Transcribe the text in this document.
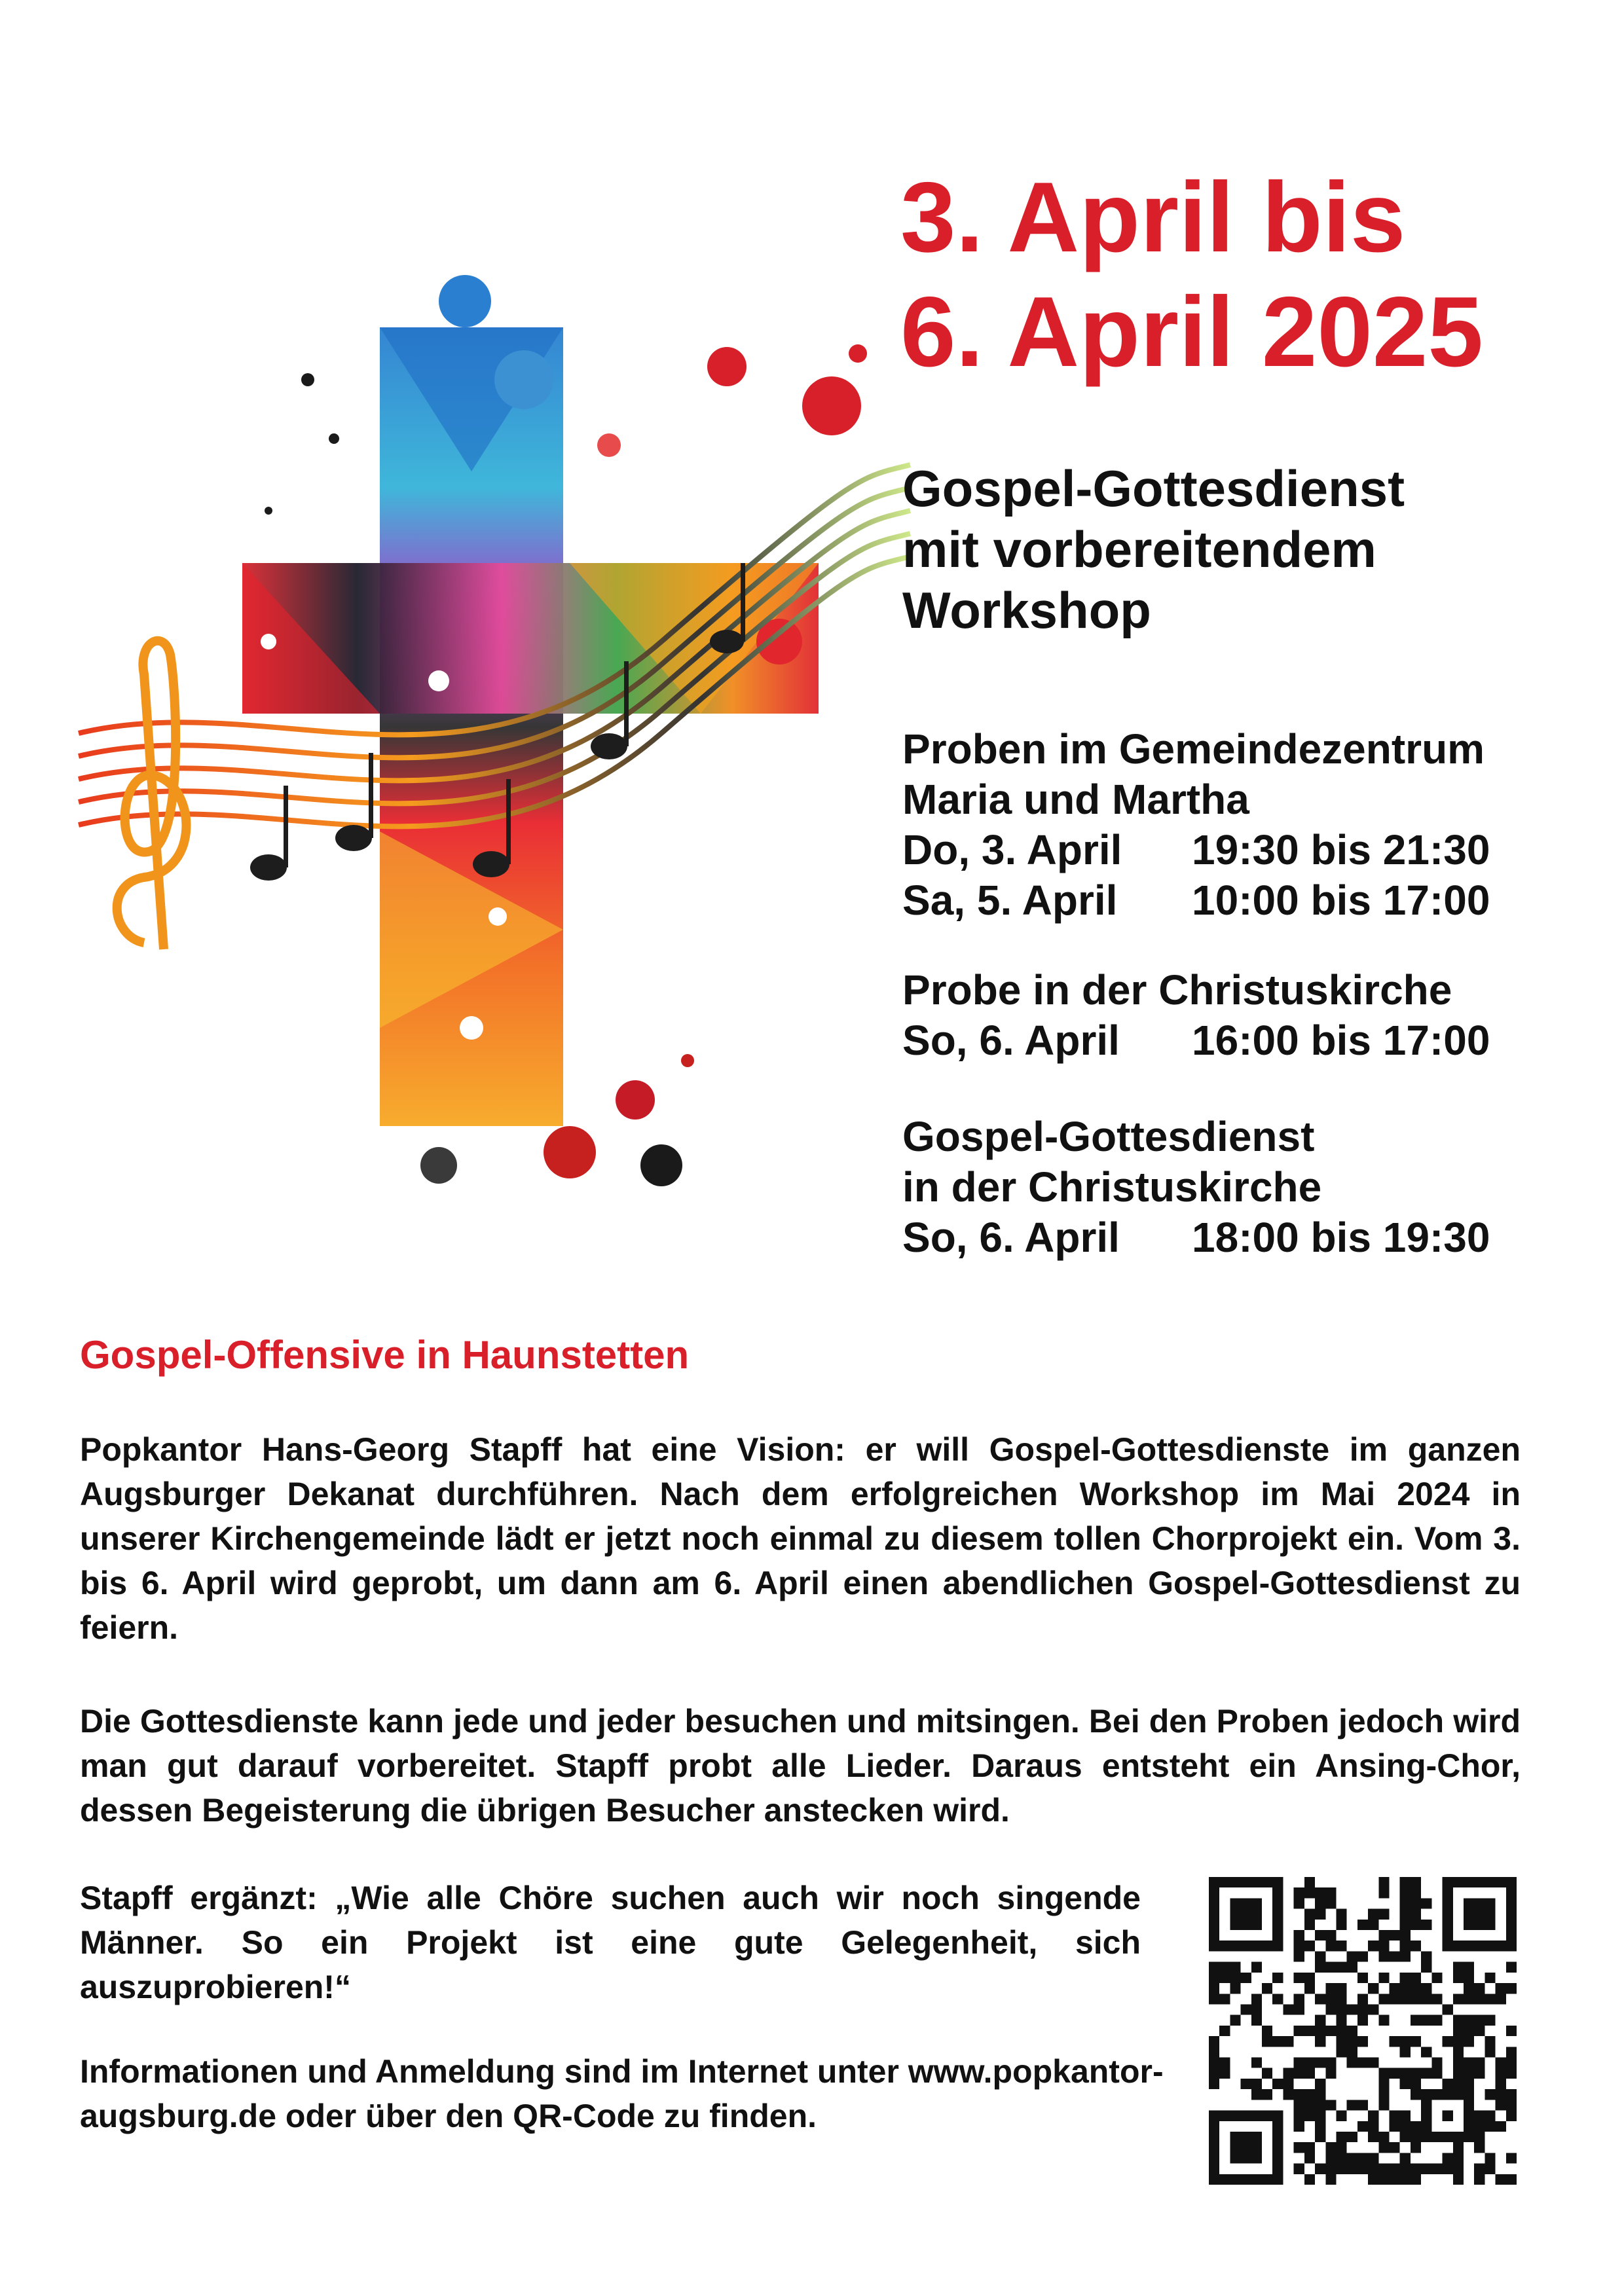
3. April bis
6. April 2025
Gospel-Gottesdienst
mit vorbereitendem
Workshop
Proben im Gemeindezentrum
Maria und Martha
Do, 3. April	19:30 bis 21:30
Sa, 5. April	10:00 bis 17:00
Probe in der Christuskirche
So, 6. April	16:00 bis 17:00
Gospel-Gottesdienst
in der Christuskirche
So, 6. April	18:00 bis 19:30
Gospel-Offensive in Haunstetten

Popkantor Hans-Georg Stapff hat eine Vision: er will Gospel-Gottesdienste im ganzen Augsburger Dekanat durchführen. Nach dem erfolgreichen Workshop im Mai 2024 in unserer Kirchengemeinde lädt er jetzt noch einmal zu diesem tollen Chorprojekt ein. Vom 3. bis 6. April wird geprobt, um dann am 6. April einen abendlichen Gospel-Gottesdienst zu feiern.

Die Gottesdienste kann jede und jeder besuchen und mitsingen. Bei den Proben jedoch wird man gut darauf vorbereitet. Stapff probt alle Lieder. Daraus entsteht ein Ansing-Chor, dessen Begeisterung die übrigen Besucher anstecken wird.

Stapff ergänzt: „Wie alle Chöre suchen auch wir noch singende Männer. So ein Projekt ist eine gute Gelegenheit, sich auszuprobieren!“

Informationen und Anmeldung sind im Internet unter www.popkantor-augsburg.de oder über den QR-Code zu finden.
